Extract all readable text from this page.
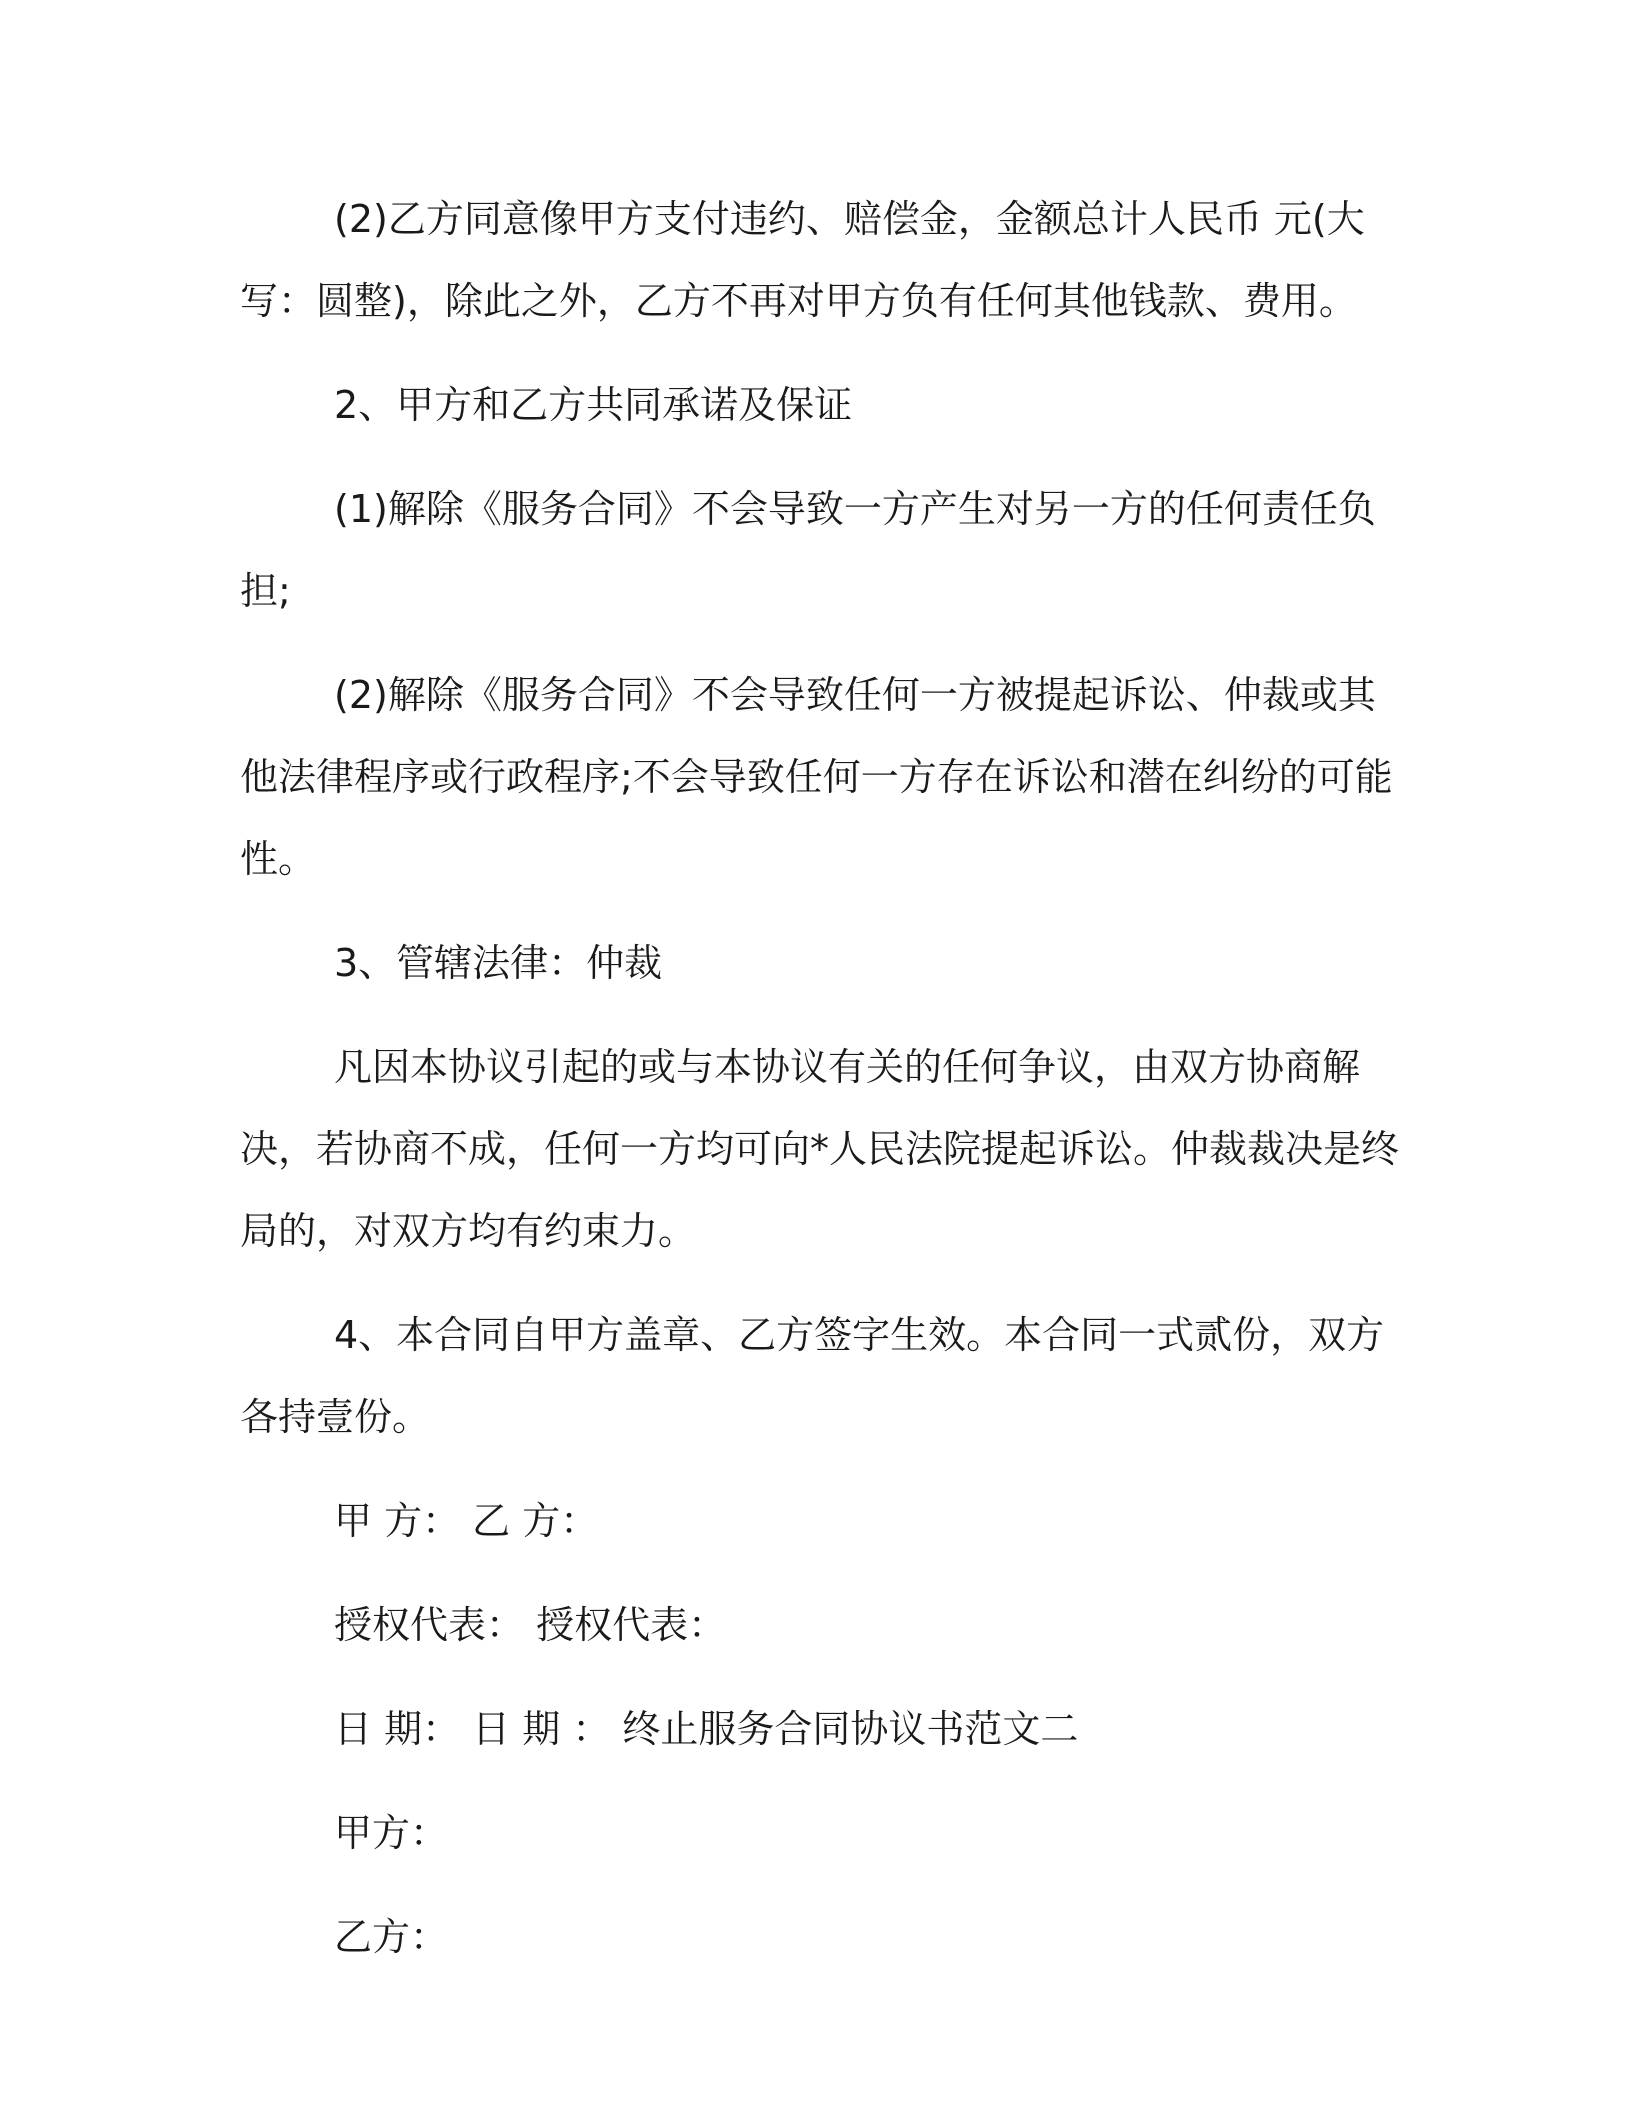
(2)乙方同意像甲方支付违约、赔偿金，金额总计人民币 元(大写：圆整)，除此之外，乙方不再对甲方负有任何其他钱款、费用。

2、甲方和乙方共同承诺及保证

(1)解除《服务合同》不会导致一方产生对另一方的任何责任负担;

(2)解除《服务合同》不会导致任何一方被提起诉讼、仲裁或其他法律程序或行政程序;不会导致任何一方存在诉讼和潜在纠纷的可能性。

3、管辖法律：仲裁

凡因本协议引起的或与本协议有关的任何争议，由双方协商解决，若协商不成，任何一方均可向*人民法院提起诉讼。仲裁裁决是终局的，对双方均有约束力。

4、本合同自甲方盖章、乙方签字生效。本合同一式贰份，双方各持壹份。

甲 方： 乙 方：

授权代表： 授权代表：

日 期： 日 期 ： 终止服务合同协议书范文二

甲方：

乙方：
